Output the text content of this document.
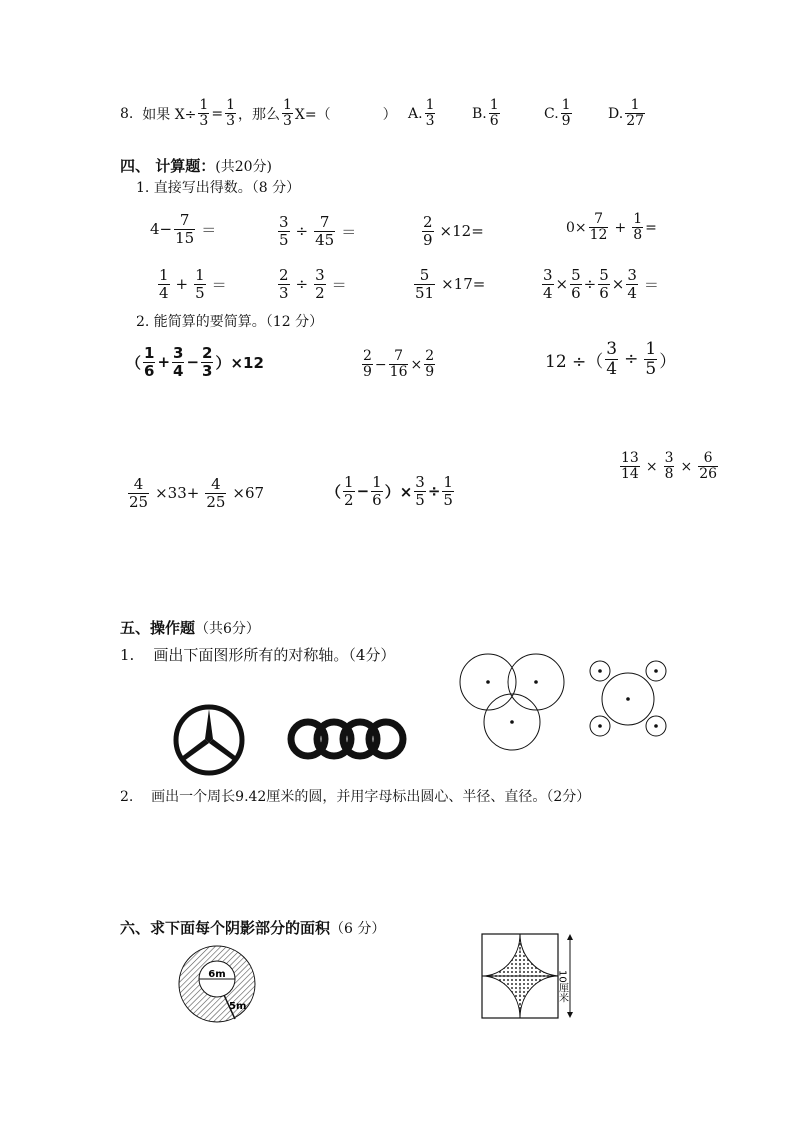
8.
如果 $X\div \frac{1}{3} = \frac{1}{3}$ ，那么 $\frac{1}{3} X=$（	） A. $\frac{1}{3}$	B. $\frac{1}{6}$	C. $\frac{1}{9}$	D. $\frac{1}{27}$
四、 计算题：(共20分)
1. 直接写出得数。（8 分）
$4- \frac{7}{15}$ ＝	$\frac{3}{5} \div \frac{7}{45}$ ＝	$\frac{2}{9} \times 12=$	$0\times \frac{7}{12} + \frac{1}{8}$ =
$\frac{1}{4} + \frac{1}{5}$ ＝	$\frac{2}{3} \div \frac{3}{2}$ ＝	$\frac{5}{51} \times 17=$	$\frac{3}{4} \times \frac{5}{6} \div \frac{5}{6} \times \frac{3}{4}$ ＝
2. 能简算的要简算。（12 分）
（ $\frac{1}{6} + \frac{3}{4} - \frac{2}{3} )\times 12$	$\frac{2}{9} - \frac{7}{16} \times \frac{2}{9}$	12 ÷（ $\frac{3}{4} \div \frac{1}{5}$ ）
$\frac{13}{14} \times \frac{3}{8} \times \frac{6}{26}$
$\frac{4}{25} \times 33+ \frac{4}{25} \times 67$	（ $\frac{1}{2} - \frac{1}{6}$ ）× $\frac{3}{5} \div \frac{1}{5}$
五、操作题（共6分）
1. 画出下面图形所有的对称轴。（4分）
2. 画出一个周长9.42厘米的圆，并用字母标出圆心、半径、直径。（2分）
六、求下面每个阴影部分的面积（6 分）
6m
5m
10厘米
